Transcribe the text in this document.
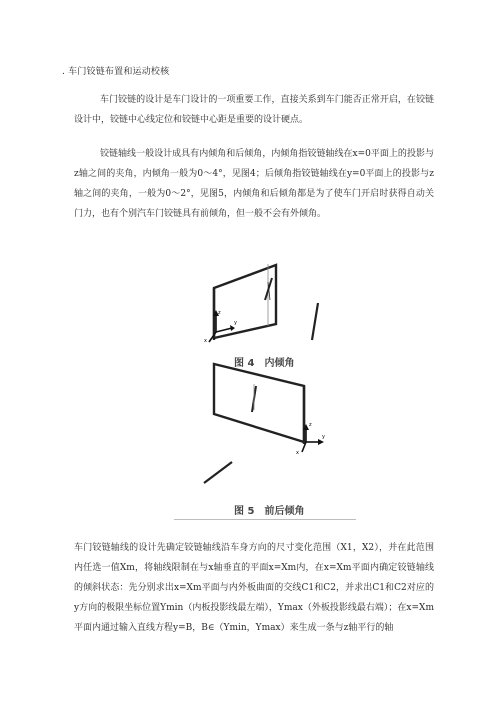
. 车门铰链布置和运动校核

车门铰链的设计是车门设计的一项重要工作，直接关系到车门能否正常开启，在铰链设计中，铰链中心线定位和铰链中心距是重要的设计硬点。

铰链轴线一般设计成具有内倾角和后倾角，内倾角指铰链轴线在x=0平面上的投影与z轴之间的夹角，内倾角一般为0～4°，见图4；后倾角指铰链轴线在y=0平面上的投影与z轴之间的夹角，一般为0～2°，见图5，内倾角和后倾角都是为了使车门开启时获得自动关门力，也有个别汽车门铰链具有前倾角，但一般不会有外倾角。

z
y
x
图 4　内倾角
z
y
x
图 5　前后倾角

车门铰链轴线的设计先确定铰链轴线沿车身方向的尺寸变化范围（X1，X2），并在此范围内任选一值Xm，将轴线限制在与x轴垂直的平面x=Xm内，在x=Xm平面内确定铰链轴线的倾斜状态：先分别求出x=Xm平面与内外板曲面的交线C1和C2，并求出C1和C2对应的y方向的极限坐标位置Ymin（内板投影线最左端），Ymax（外板投影线最右端）；在x=Xm平面内通过输入直线方程y=B，B∈（Ymin，Ymax）来生成一条与z轴平行的轴
